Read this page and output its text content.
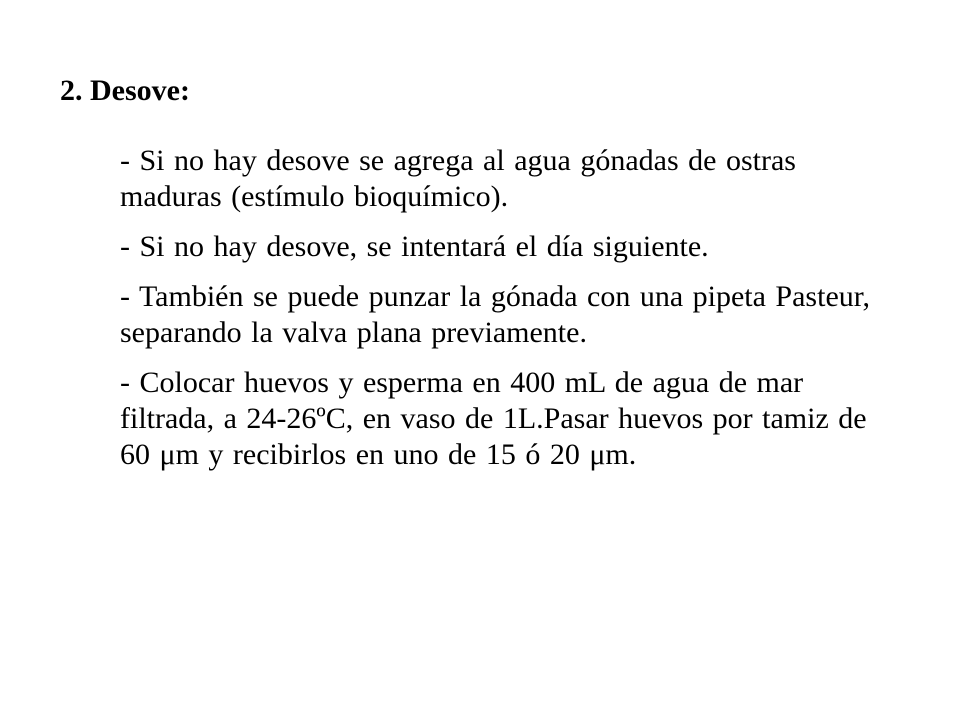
2. Desove:
- Si no hay desove se agrega al agua gónadas de ostras maduras (estímulo bioquímico).
- Si no hay desove, se intentará el día siguiente.
- También se puede punzar la gónada con una pipeta Pasteur, separando la valva plana previamente.
- Colocar huevos y esperma en 400 mL de agua de mar filtrada, a 24-26ºC, en vaso de 1L.Pasar huevos por tamiz de 60 μm y recibirlos en uno de 15 ó 20 μm.
